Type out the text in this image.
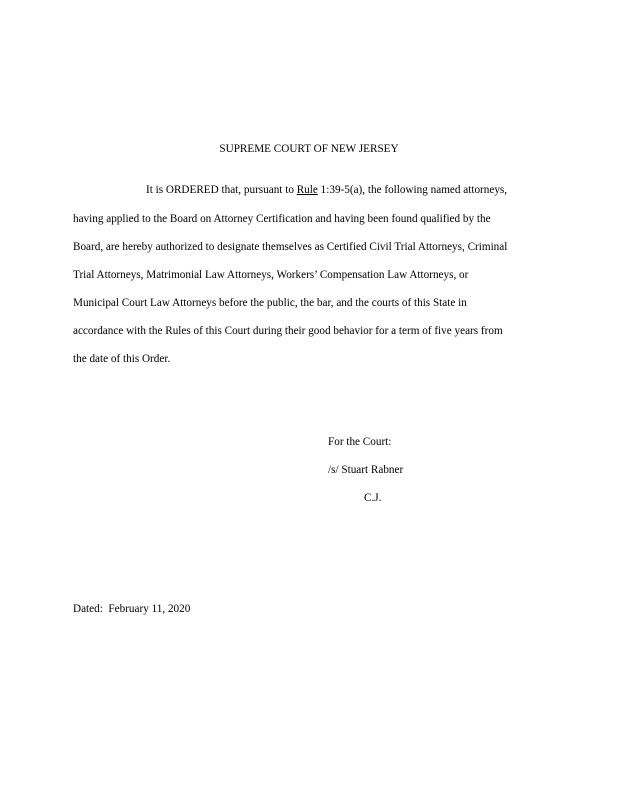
SUPREME COURT OF NEW JERSEY
It is ORDERED that, pursuant to Rule 1:39-5(a), the following named attorneys,
having applied to the Board on Attorney Certification and having been found qualified by the
Board, are hereby authorized to designate themselves as Certified Civil Trial Attorneys, Criminal
Trial Attorneys, Matrimonial Law Attorneys, Workers’ Compensation Law Attorneys, or
Municipal Court Law Attorneys before the public, the bar, and the courts of this State in
accordance with the Rules of this Court during their good behavior for a term of five years from
the date of this Order.
For the Court:
/s/ Stuart Rabner
C.J.
Dated:  February 11, 2020
